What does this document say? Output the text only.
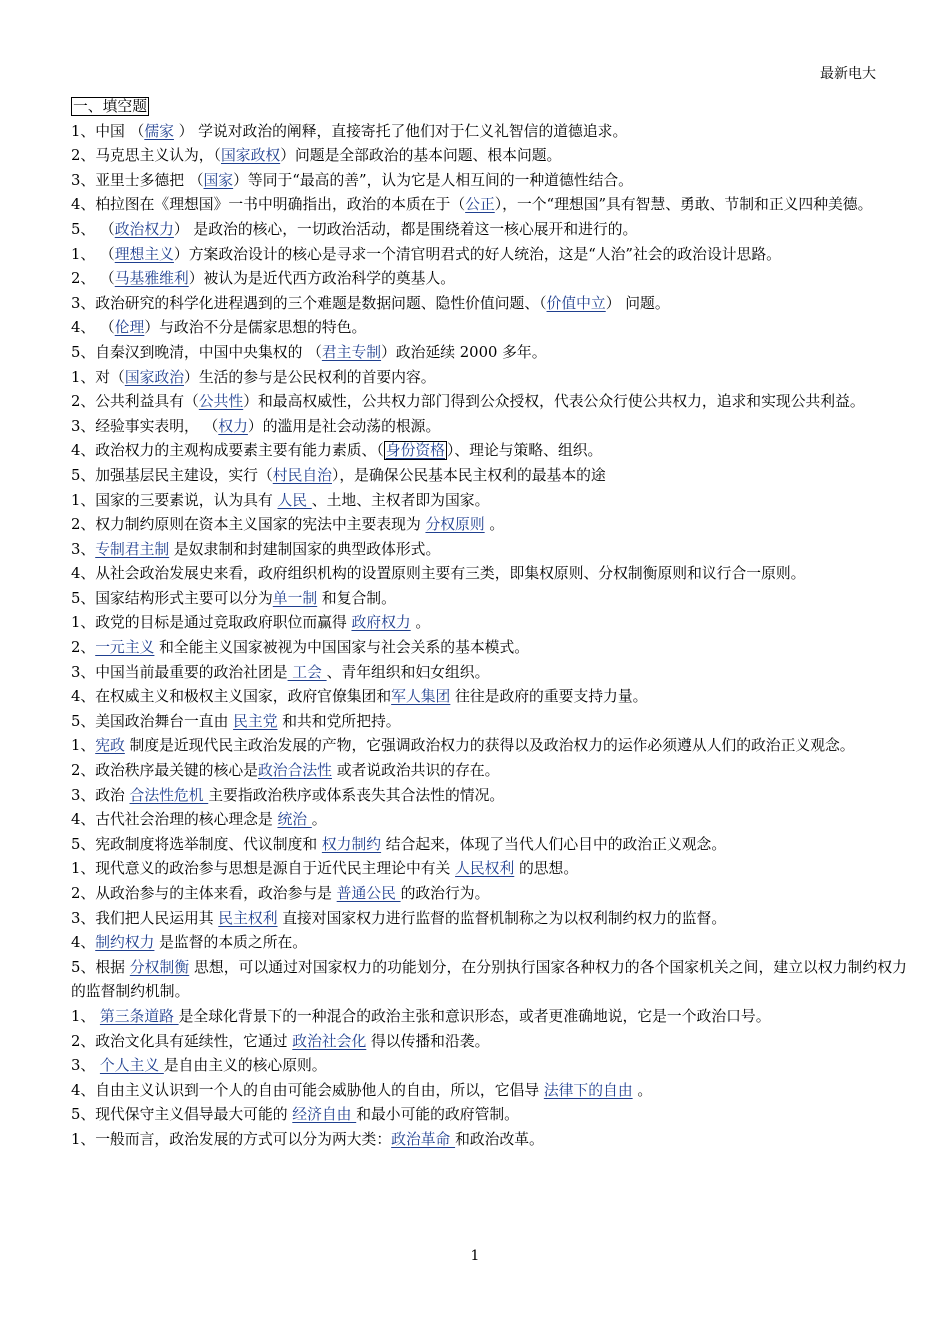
最新电大
一、填空题

1、中国 （儒家 ） 学说对政治的阐释，直接寄托了他们对于仁义礼智信的道德追求。

2、马克思主义认为，（国家政权）问题是全部政治的基本问题、根本问题。

3、亚里士多德把 （国家）等同于“最高的善”，认为它是人相互间的一种道德性结合。

4、柏拉图在《理想国》一书中明确指出，政治的本质在于（公正），一个“理想国”具有智慧、勇敢、节制和正义四种美德。

5、 （政治权力） 是政治的核心，一切政治活动，都是围绕着这一核心展开和进行的。

1、 （理想主义）方案政治设计的核心是寻求一个清官明君式的好人统治，这是“人治”社会的政治设计思路。

2、 （马基雅维利）被认为是近代西方政治科学的奠基人。

3、政治研究的科学化进程遇到的三个难题是数据问题、隐性价值问题、（价值中立） 问题。

4、 （伦理）与政治不分是儒家思想的特色。

5、自秦汉到晚清，中国中央集权的 （君主专制）政治延续 2000 多年。

1、对（国家政治）生活的参与是公民权利的首要内容。

2、公共利益具有（公共性）和最高权威性，公共权力部门得到公众授权，代表公众行使公共权力，追求和实现公共利益。

3、经验事实表明， （权力）的滥用是社会动荡的根源。

4、政治权力的主观构成要素主要有能力素质、（ 身份资格 ）、理论与策略、组织。

5、加强基层民主建设，实行（村民自治），是确保公民基本民主权利的最基本的途

1、国家的三要素说，认为具有 人民 、土地、主权者即为国家。

2、权力制约原则在资本主义国家的宪法中主要表现为 分权原则 。

3、专制君主制 是奴隶制和封建制国家的典型政体形式。

4、从社会政治发展史来看，政府组织机构的设置原则主要有三类，即集权原则、分权制衡原则和议行合一原则。

5、国家结构形式主要可以分为单一制 和复合制。

1、政党的目标是通过竞取政府职位而赢得 政府权力 。

2、一元主义 和全能主义国家被视为中国国家与社会关系的基本模式。

3、中国当前最重要的政治社团是 工会 、青年组织和妇女组织。

4、在权威主义和极权主义国家，政府官僚集团和军人集团 往往是政府的重要支持力量。

5、美国政治舞台一直由 民主党 和共和党所把持。

1、宪政 制度是近现代民主政治发展的产物，它强调政治权力的获得以及政治权力的运作必须遵从人们的政治正义观念。

2、政治秩序最关键的核心是政治合法性 或者说政治共识的存在。

3、政治 合法性危机 主要指政治秩序或体系丧失其合法性的情况。

4、古代社会治理的核心理念是 统治 。

5、宪政制度将选举制度、代议制度和 权力制约 结合起来，体现了当代人们心目中的政治正义观念。

1、现代意义的政治参与思想是源自于近代民主理论中有关 人民权利 的思想。

2、从政治参与的主体来看，政治参与是 普通公民 的政治行为。

3、我们把人民运用其 民主权利 直接对国家权力进行监督的监督机制称之为以权利制约权力的监督。

4、制约权力 是监督的本质之所在。

5、根据 分权制衡 思想，可以通过对国家权力的功能划分，在分别执行国家各种权力的各个国家机关之间，建立以权力制约权力的监督制约机制。

1、 第三条道路 是全球化背景下的一种混合的政治主张和意识形态，或者更准确地说，它是一个政治口号。

2、政治文化具有延续性，它通过 政治社会化 得以传播和沿袭。

3、 个人主义 是自由主义的核心原则。

4、自由主义认识到一个人的自由可能会威胁他人的自由，所以，它倡导 法律下的自由 。

5、现代保守主义倡导最大可能的 经济自由 和最小可能的政府管制。

1、一般而言，政治发展的方式可以分为两大类：政治革命 和政治改革。

1
